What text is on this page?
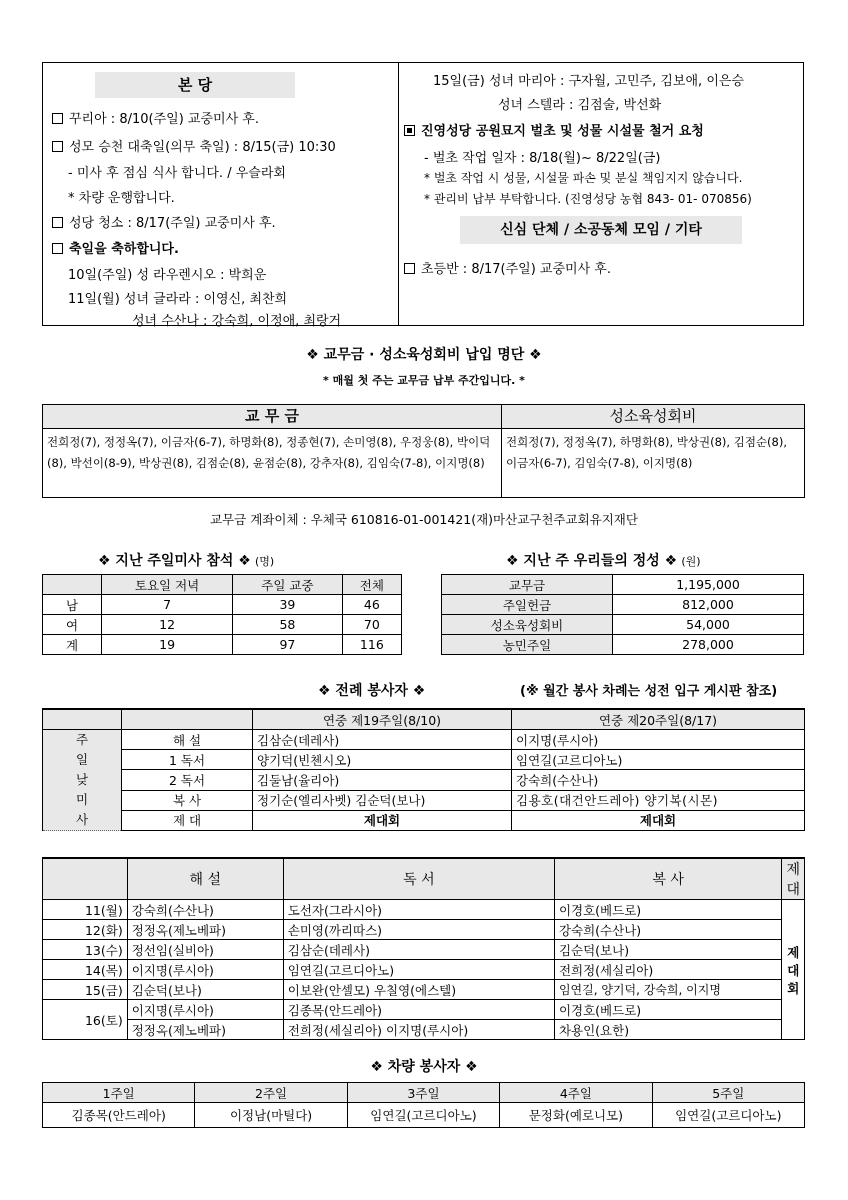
본 당
꾸리아 : 8/10(주일) 교중미사 후.
성모 승천 대축일(의무 축일) : 8/15(금) 10:30
- 미사 후 점심 식사 합니다. / 우슬라회
* 차량 운행합니다.
성당 청소 : 8/17(주일) 교중미사 후.
축일을 축하합니다.
10일(주일) 성 라우렌시오 : 박희운
11일(월) 성녀 글라라 : 이영신, 최찬희
성녀 수산나 : 강숙희, 이정애, 최랑거
15일(금) 성녀 마리아 : 구자월, 고민주, 김보애, 이은승
성녀 스텔라 : 김점술, 박선화
진영성당 공원묘지 벌초 및 성물 시설물 철거 요청
- 벌초 작업 일자 : 8/18(월)~ 8/22일(금)
* 벌초 작업 시 성물, 시설물 파손 및 분실 책임지지 않습니다.
* 관리비 납부 부탁합니다. (진영성당 농협 843- 01- 070856)
신심 단체 / 소공동체 모임 / 기타
초등반 : 8/17(주일) 교중미사 후.
❖ 교무금 · 성소육성회비 납입 명단 ❖
* 매월 첫 주는 교무금 납부 주간입니다. *
교 무 금	성소육성회비
전희정(7), 정정옥(7), 이금자(6-7), 하명화(8), 정종현(7), 손미영(8), 우정웅(8), 박이덕(8), 박선이(8-9), 박상권(8), 김점순(8), 윤점순(8), 강추자(8), 김임숙(7-8), 이지명(8)	전희정(7), 정정옥(7), 하명화(8), 박상권(8), 김점순(8), 이금자(6-7), 김임숙(7-8), 이지명(8)
교무금 계좌이체 : 우체국 610816-01-001421(재)마산교구천주교회유지재단
❖ 지난 주일미사 참석 ❖ (명)
	토요일 저녁	주일 교중	전체
남	7	39	46
여	12	58	70
계	19	97	116
❖ 지난 주 우리들의 정성 ❖ (원)
교무금	1,195,000
주일헌금	812,000
성소육성회비	54,000
농민주일	278,000
❖ 전례 봉사자 ❖	(※ 월간 봉사 차례는 성전 입구 게시판 참조)
		연중 제19주일(8/10)	연중 제20주일(8/17)

주일낮미사	해 설	김삼순(데레사)	이지명(루시아)
	1 독서	양기덕(빈첸시오)	임연길(고르디아노)
	2 독서	김둘남(율리아)	강숙희(수산나)
	복 사	정기순(엘리사벳) 김순덕(보나)	김용호(대건안드레아) 양기복(시몬)
	제 대	제대회	제대회
	해 설	독 서	복 사	제 대
11(월)	강숙희(수산나)	도선자(그라시아)	이경호(베드로)	제대회
12(화)	정정옥(제노베파)	손미영(까리따스)	강숙희(수산나)	
13(수)	정선임(실비아)	김삼순(데레사)	김순덕(보나)	
14(목)	이지명(루시아)	임연길(고르디아노)	전희정(세실리아)	
15(금)	김순덕(보나)	이보완(안셀모) 우칠영(에스텔)	임연길, 양기덕, 강숙희, 이지명	
16(토)	이지명(루시아)	김종목(안드레아)	이경호(베드로)	
	정정옥(제노베파)	전희정(세실리아) 이지명(루시아)	차용인(요한)	
❖ 차량 봉사자 ❖
1주일	2주일	3주일	4주일	5주일
김종목(안드레아)	이정남(마틸다)	임연길(고르디아노)	문정화(예로니모)	임연길(고르디아노)
